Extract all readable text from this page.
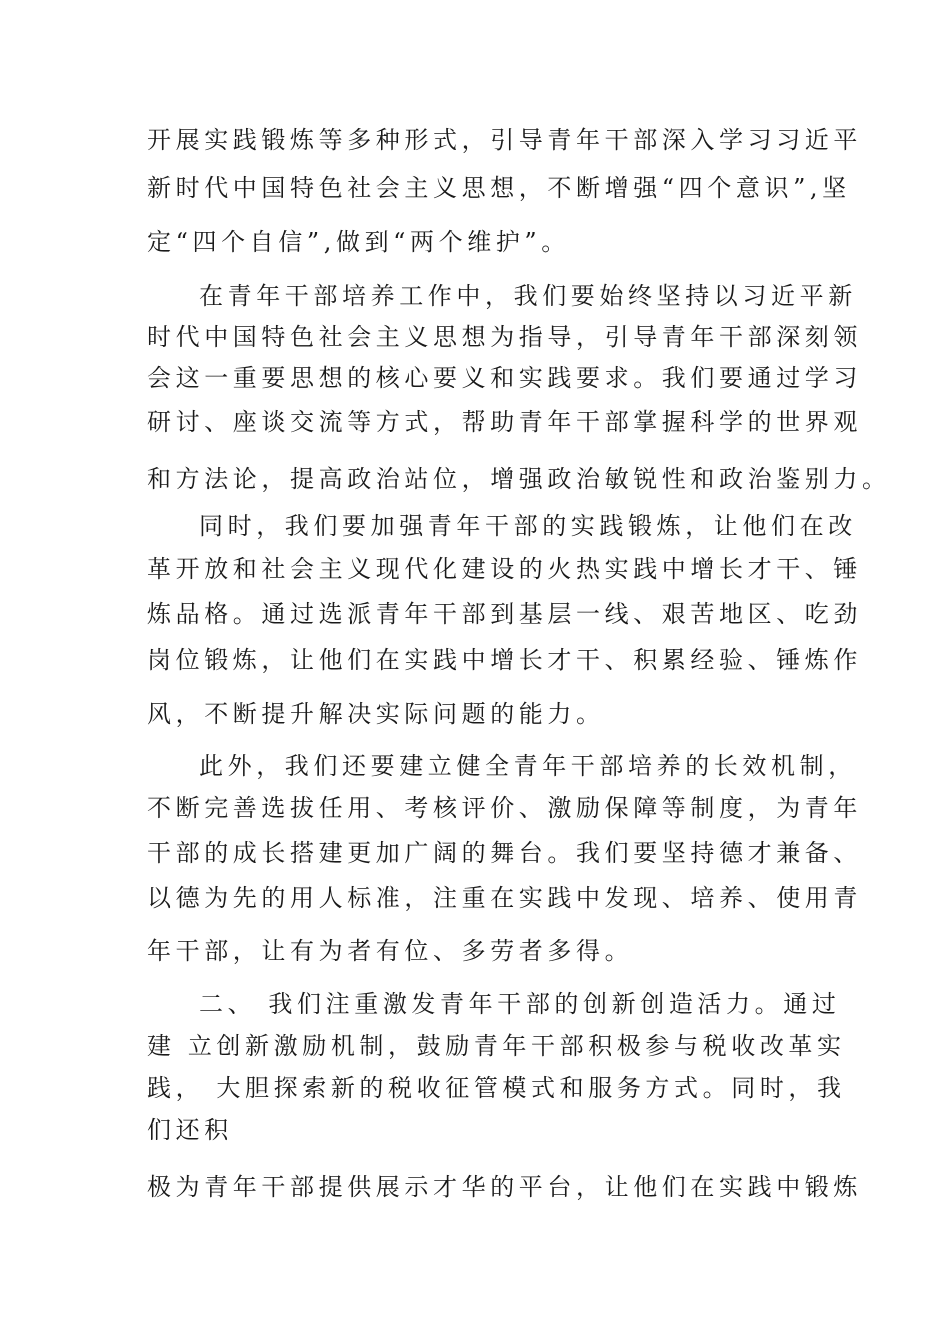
开展实践锻炼等多种形式，引导青年干部深入学习习近平
新时代中国特色社会主义思想，不断增强“四个意识”,坚
定“四个自信”,做到“两个维护”。
在青年干部培养工作中，我们要始终坚持以习近平新
时代中国特色社会主义思想为指导，引导青年干部深刻领
会这一重要思想的核心要义和实践要求。我们要通过学习
研讨、座谈交流等方式，帮助青年干部掌握科学的世界观
和方法论，提高政治站位，增强政治敏锐性和政治鉴别力。
同时，我们要加强青年干部的实践锻炼，让他们在改
革开放和社会主义现代化建设的火热实践中增长才干、锤
炼品格。通过选派青年干部到基层一线、艰苦地区、吃劲
岗位锻炼，让他们在实践中增长才干、积累经验、锤炼作
风，不断提升解决实际问题的能力。
此外，我们还要建立健全青年干部培养的长效机制，
不断完善选拔任用、考核评价、激励保障等制度，为青年
干部的成长搭建更加广阔的舞台。我们要坚持德才兼备、
以德为先的用人标准，注重在实践中发现、培养、使用青
年干部，让有为者有位、多劳者多得。
二、 我们注重激发青年干部的创新创造活力。通过
建 立创新激励机制，鼓励青年干部积极参与税收改革实
践， 大胆探索新的税收征管模式和服务方式。同时，我
们还积
极为青年干部提供展示才华的平台，让他们在实践中锻炼
